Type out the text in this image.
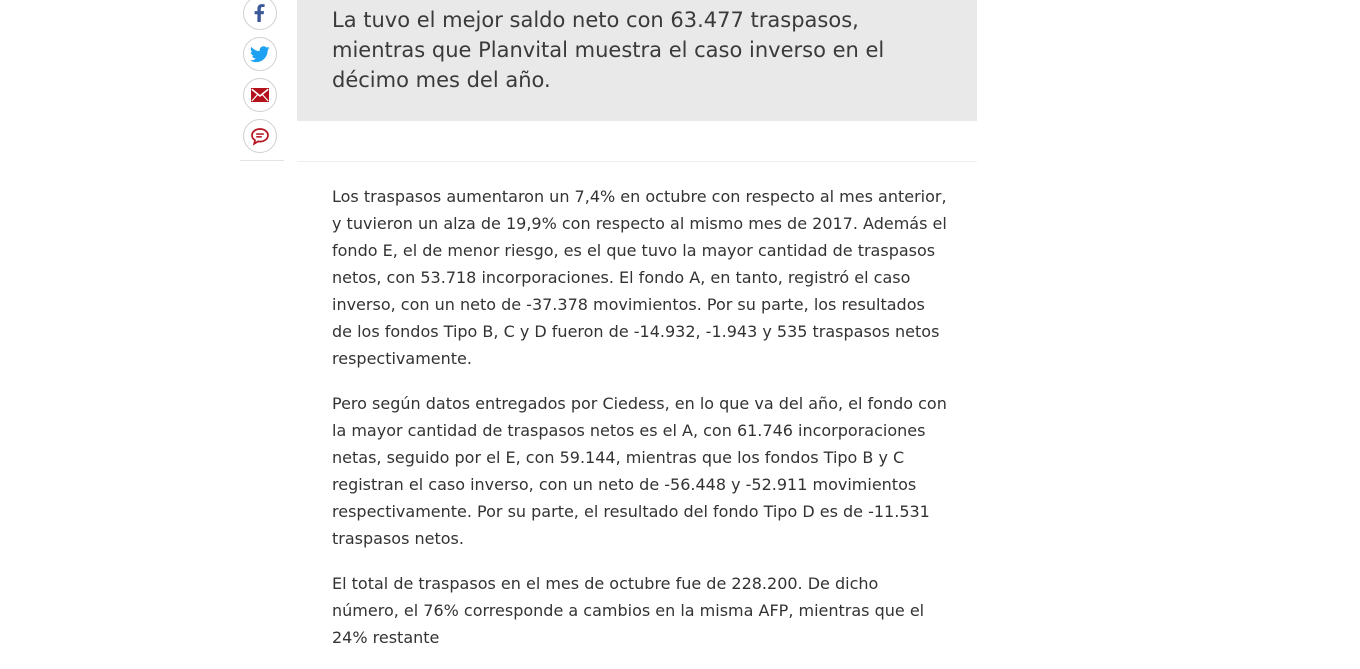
La tuvo el mejor saldo neto con 63.477 traspasos, mientras que Planvital muestra el caso inverso en el décimo mes del año.

Los traspasos aumentaron un 7,4% en octubre con respecto al mes anterior, y tuvieron un alza de 19,9% con respecto al mismo mes de 2017. Además el fondo E, el de menor riesgo, es el que tuvo la mayor cantidad de traspasos netos, con 53.718 incorporaciones. El fondo A, en tanto, registró el caso inverso, con un neto de -37.378 movimientos. Por su parte, los resultados de los fondos Tipo B, C y D fueron de -14.932, -1.943 y 535 traspasos netos respectivamente.

Pero según datos entregados por Ciedess, en lo que va del año, el fondo con la mayor cantidad de traspasos netos es el A, con 61.746 incorporaciones netas, seguido por el E, con 59.144, mientras que los fondos Tipo B y C registran el caso inverso, con un neto de -56.448 y -52.911 movimientos respectivamente. Por su parte, el resultado del fondo Tipo D es de -11.531 traspasos netos.

El total de traspasos en el mes de octubre fue de 228.200. De dicho número, el 76% corresponde a cambios en la misma AFP, mientras que el 24% restante
